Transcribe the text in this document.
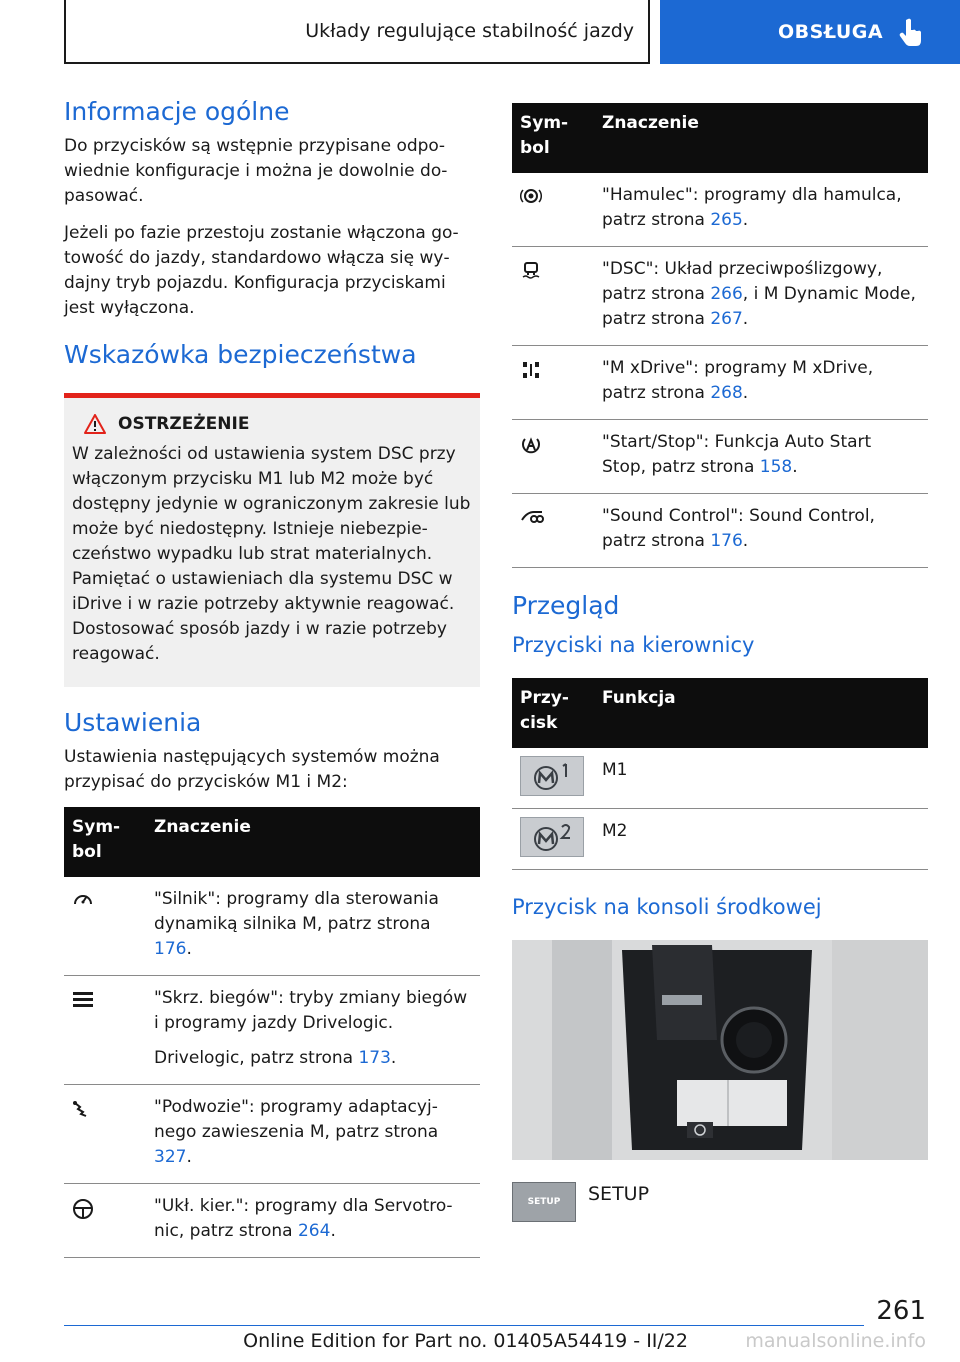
Układy regulujące stabilność jazdy	OBSŁUGA
Informacje ogólne

Do przycisków są wstępnie przypisane odpowiednie konfiguracje i można je dowolnie dopasować.

Jeżeli po fazie przestoju zostanie włączona gotowość do jazdy, standardowo włącza się wydajny tryb pojazdu. Konfiguracja przyciskami jest wyłączona.

Wskazówka bezpieczeństwa
OSTRZEŻENIE

W zależności od ustawienia system DSC przy włączonym przycisku M1 lub M2 może być dostępny jedynie w ograniczonym zakresie lub może być niedostępny. Istnieje niebezpieczeństwo wypadku lub strat materialnych. Pamiętać o ustawieniach dla systemu DSC w iDrive i w razie potrzeby aktywnie reagować. Dostosować sposób jazdy i w razie potrzeby reagować.

Ustawienia

Ustawienia następujących systemów można przypisać do przycisków M1 i M2:

Symbol	Znaczenie
	"Silnik": programy dla sterowania dynamiką silnika M, patrz strona 176.

"Skrz. biegów": tryby zmiany biegów i programy jazdy Drivelogic.

Drivelogic, patrz strona 173.

	"Podwozie": programy adaptacyjnego zawieszenia M, patrz strona 327.
	"Ukł. kier.": programy dla Servotronic, patrz strona 264.
Symbol	Znaczenie
	"Hamulec": programy dla hamulca, patrz strona 265.
	"DSC": Układ przeciwpoślizgowy, patrz strona 266, i M Dynamic Mode, patrz strona 267.
	"M xDrive": programy M xDrive, patrz strona 268.
	"Start/Stop": Funkcja Auto Start Stop, patrz strona 158.
	"Sound Control": Sound Control, patrz strona 176.
Przegląd
Przyciski na kierownicy
Przycisk	Funkcja

	M1

	M2
Przycisk na konsoli środkowej
SETUP SETUP
261
Online Edition for Part no. 01405A54419 - II/22	manualsonline.info
